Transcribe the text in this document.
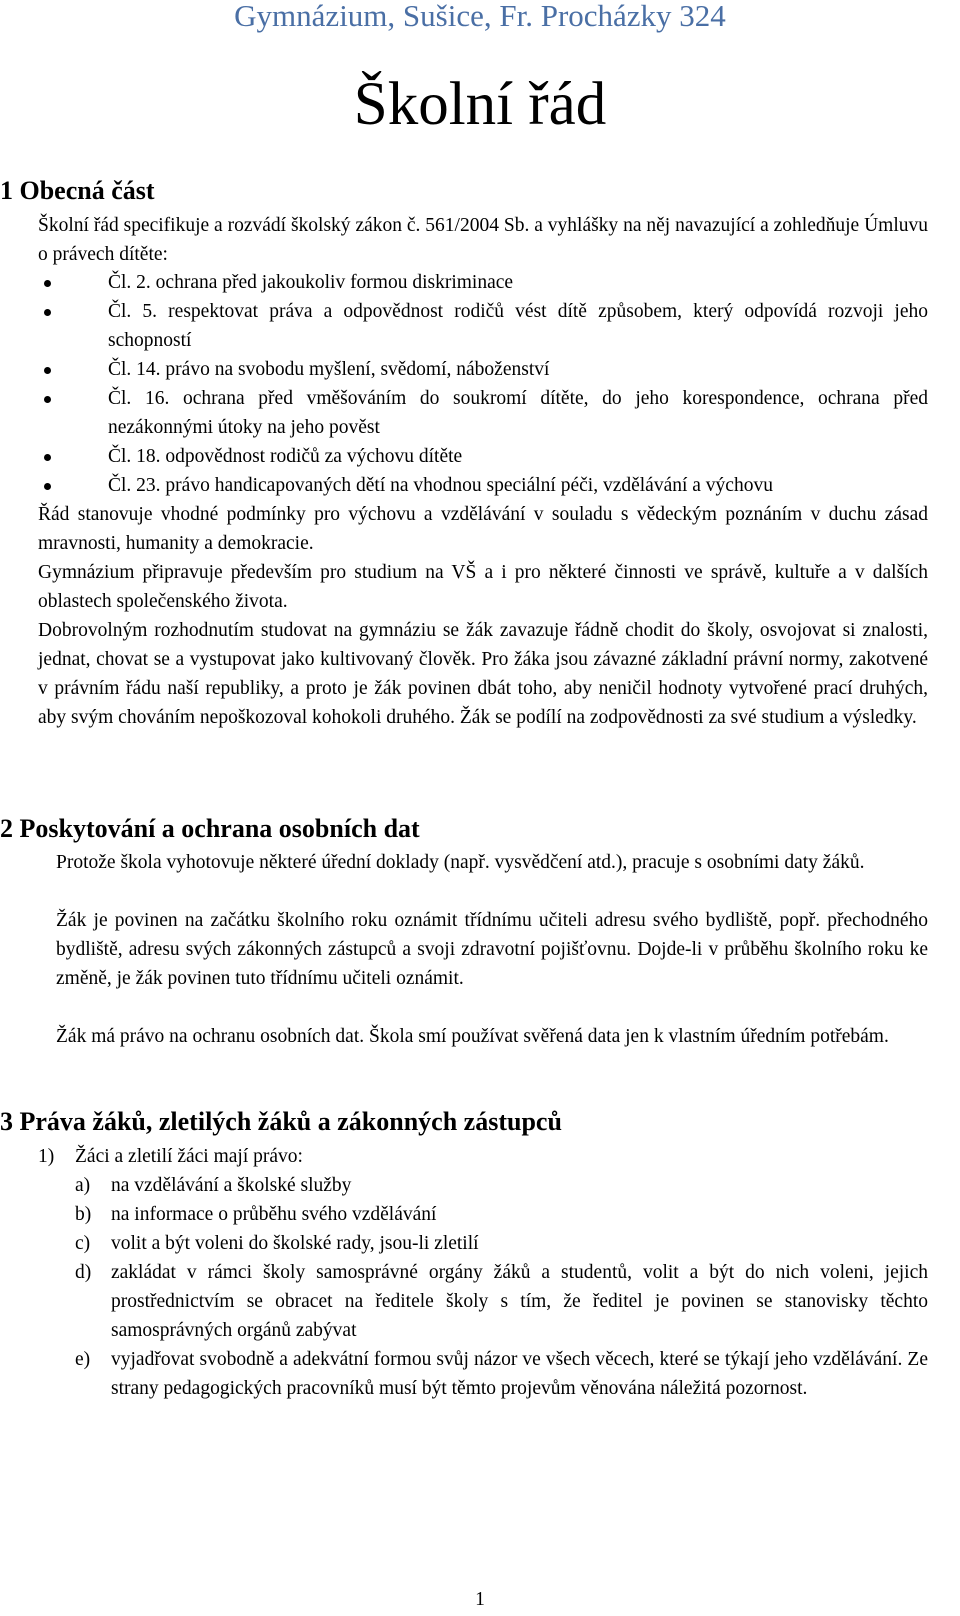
Gymnázium, Sušice, Fr. Procházky 324
Školní řád
1 Obecná část

Školní řád specifikuje a rozvádí školský zákon č. 561/2004 Sb. a vyhlášky na něj navazující a zohledňuje Úmluvu o právech dítěte:

Čl. 2. ochrana před jakoukoliv formou diskriminace
Čl. 5. respektovat práva a odpovědnost rodičů vést dítě způsobem, který odpovídá rozvoji jeho schopností
Čl. 14. právo na svobodu myšlení, svědomí, náboženství
Čl. 16. ochrana před vměšováním do soukromí dítěte, do jeho korespondence, ochrana před nezákonnými útoky na jeho pověst
Čl. 18. odpovědnost rodičů za výchovu dítěte
Čl. 23. právo handicapovaných dětí na vhodnou speciální péči, vzdělávání a výchovu

Řád stanovuje vhodné podmínky pro výchovu a vzdělávání v souladu s vědeckým poznáním v duchu zásad mravnosti, humanity a demokracie.

Gymnázium připravuje především pro studium na VŠ a i pro některé činnosti ve správě, kultuře a v dalších oblastech společenského života.

Dobrovolným rozhodnutím studovat na gymnáziu se žák zavazuje řádně chodit do školy, osvojovat si znalosti, jednat, chovat se a vystupovat jako kultivovaný člověk. Pro žáka jsou závazné základní právní normy, zakotvené v právním řádu naší republiky, a proto je žák povinen dbát toho, aby neničil hodnoty vytvořené prací druhých, aby svým chováním nepoškozoval kohokoli druhého. Žák se podílí na zodpovědnosti za své studium a výsledky.

2 Poskytování a ochrana osobních dat

Protože škola vyhotovuje některé úřední doklady (např. vysvědčení atd.), pracuje s osobními daty žáků.

Žák je povinen na začátku školního roku oznámit třídnímu učiteli adresu svého bydliště, popř. přechodného bydliště, adresu svých zákonných zástupců a svoji zdravotní pojišťovnu. Dojde-li v průběhu školního roku ke změně, je žák povinen tuto třídnímu učiteli oznámit.

Žák má právo na ochranu osobních dat. Škola smí používat svěřená data jen k vlastním úředním potřebám.

3 Práva žáků, zletilých žáků a zákonných zástupců
1) Žáci a zletilí žáci mají právo:
a) na vzdělávání a školské služby
b) na informace o průběhu svého vzdělávání
c) volit a být voleni do školské rady, jsou-li zletilí
d) zakládat v rámci školy samosprávné orgány žáků a studentů, volit a být do nich voleni, jejich prostřednictvím se obracet na ředitele školy s tím, že ředitel je povinen se stanovisky těchto samosprávných orgánů zabývat
e) vyjadřovat svobodně a adekvátní formou svůj názor ve všech věcech, které se týkají jeho vzdělávání. Ze strany pedagogických pracovníků musí být těmto projevům věnována náležitá pozornost.
1
